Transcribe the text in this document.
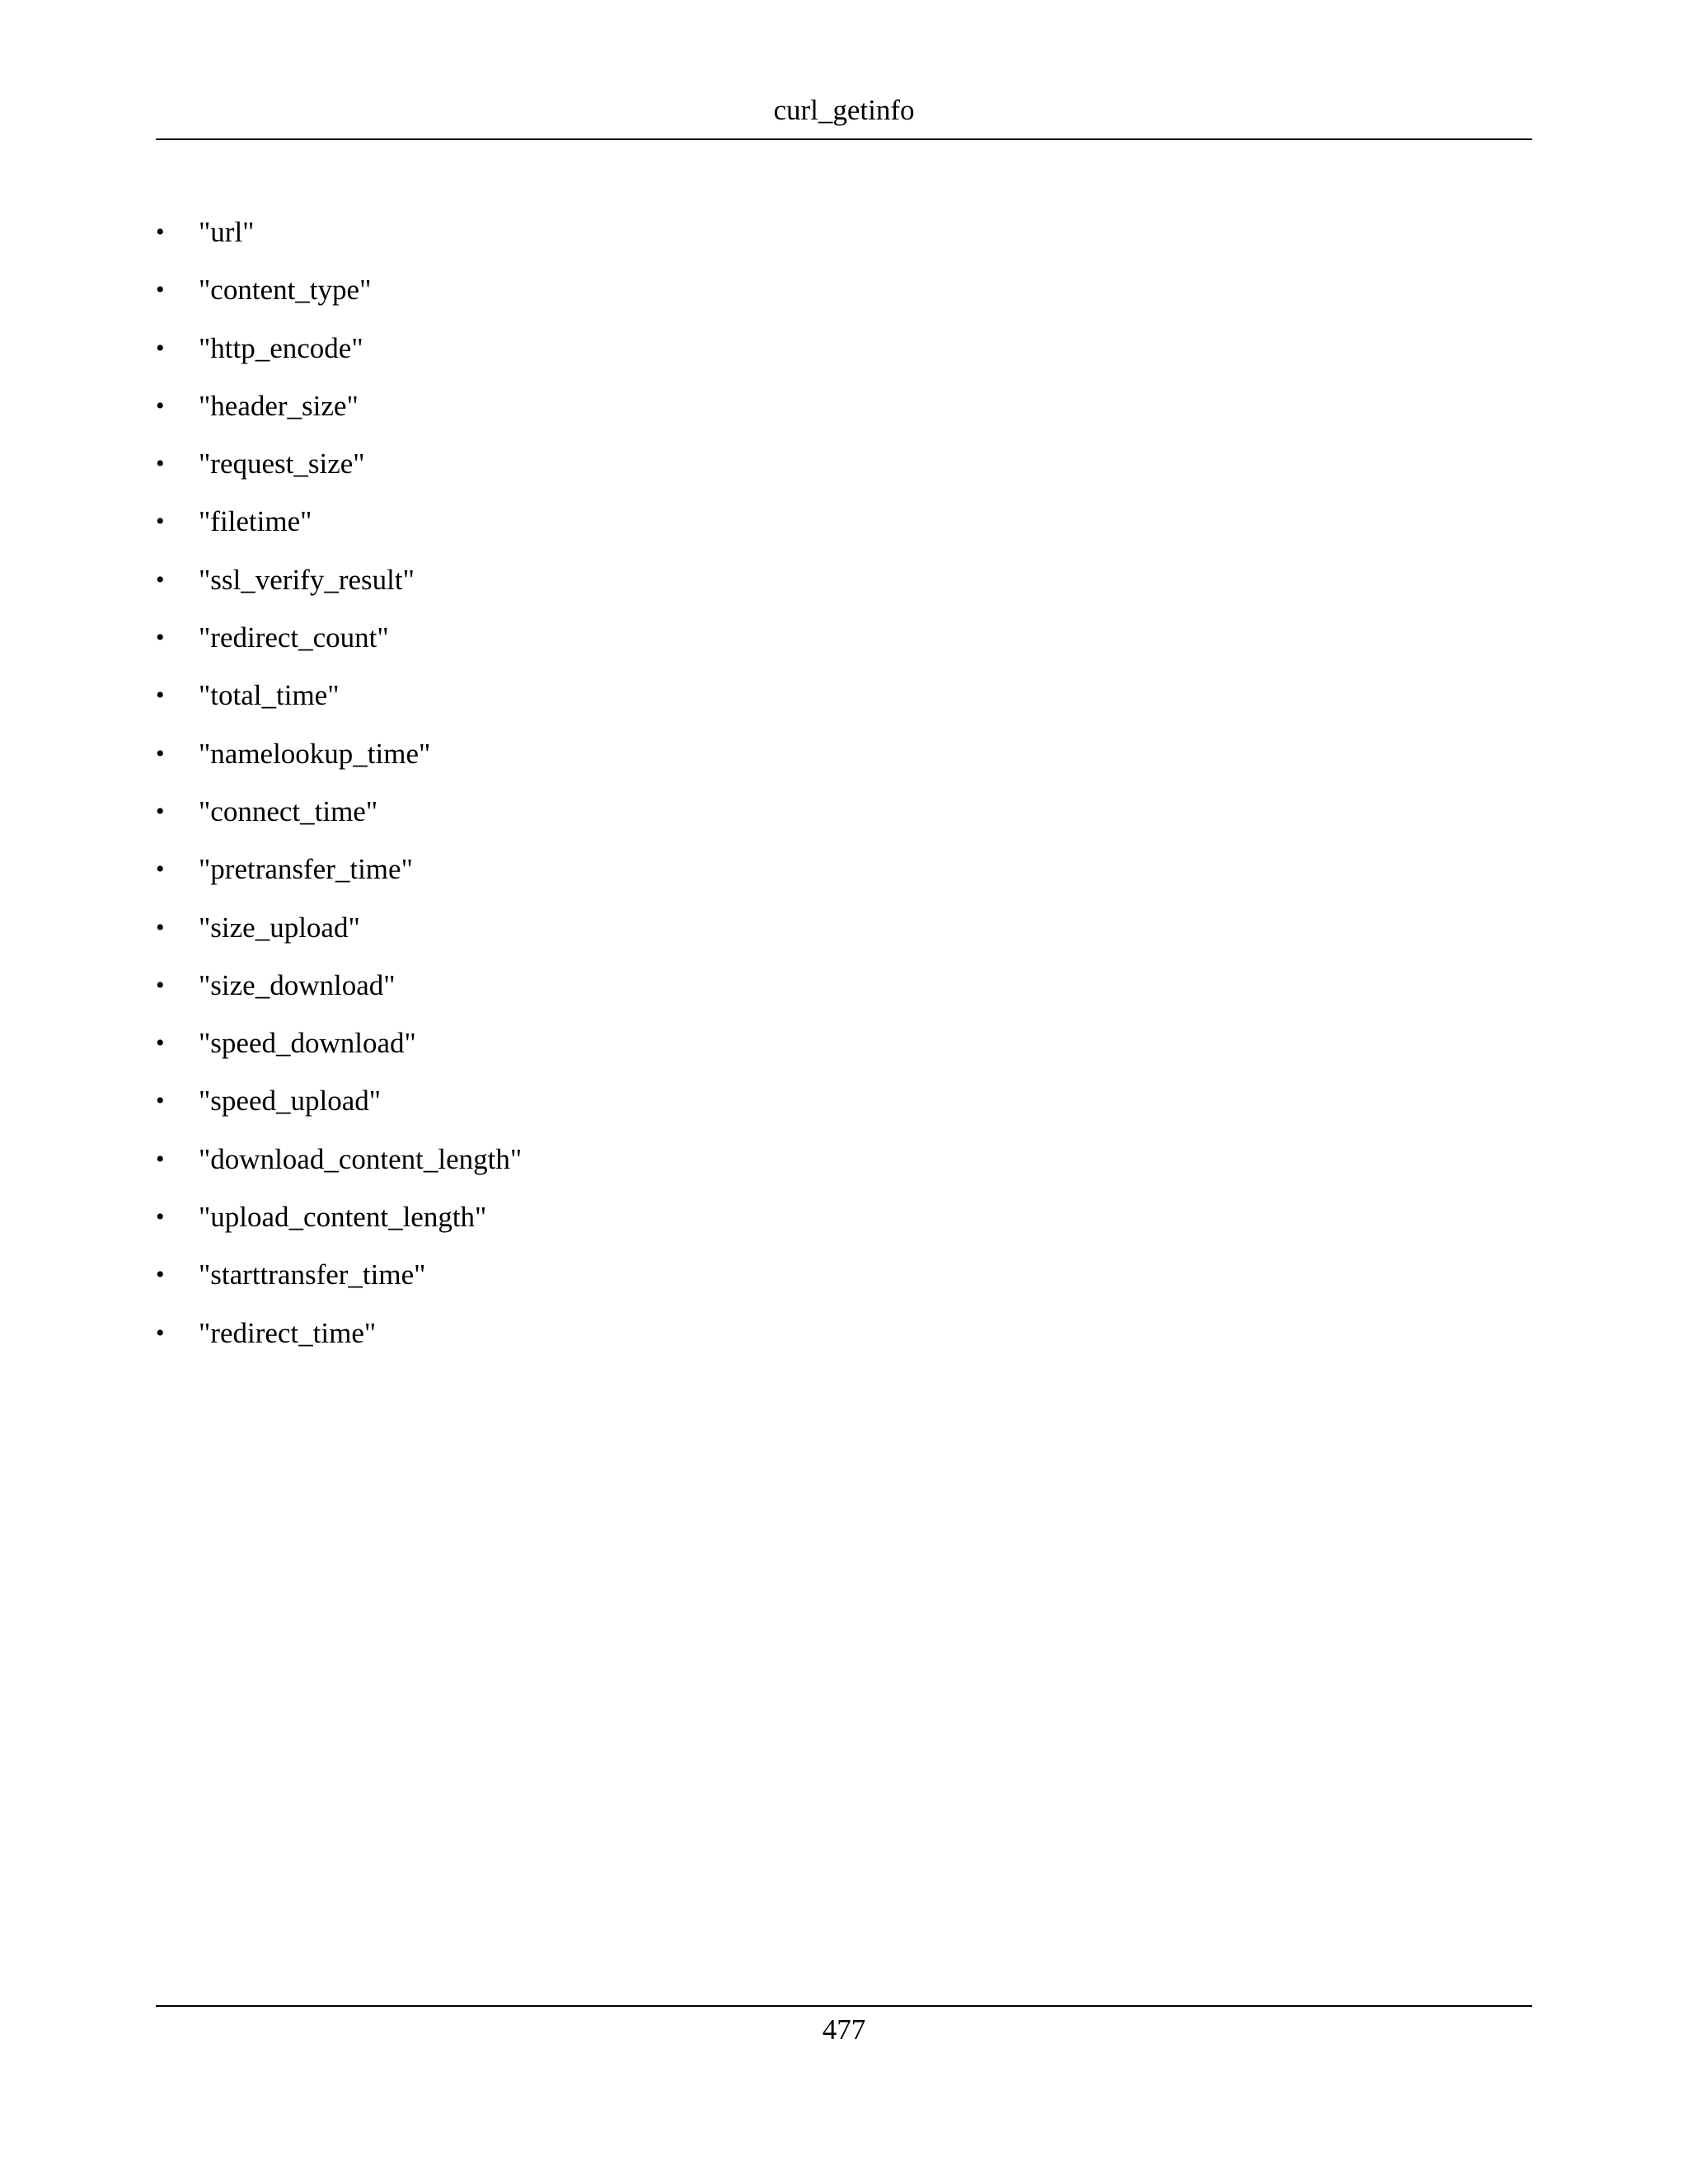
curl_getinfo
• "url"
• "content_type"
• "http_encode"
• "header_size"
• "request_size"
• "filetime"
• "ssl_verify_result"
• "redirect_count"
• "total_time"
• "namelookup_time"
• "connect_time"
• "pretransfer_time"
• "size_upload"
• "size_download"
• "speed_download"
• "speed_upload"
• "download_content_length"
• "upload_content_length"
• "starttransfer_time"
• "redirect_time"
477
